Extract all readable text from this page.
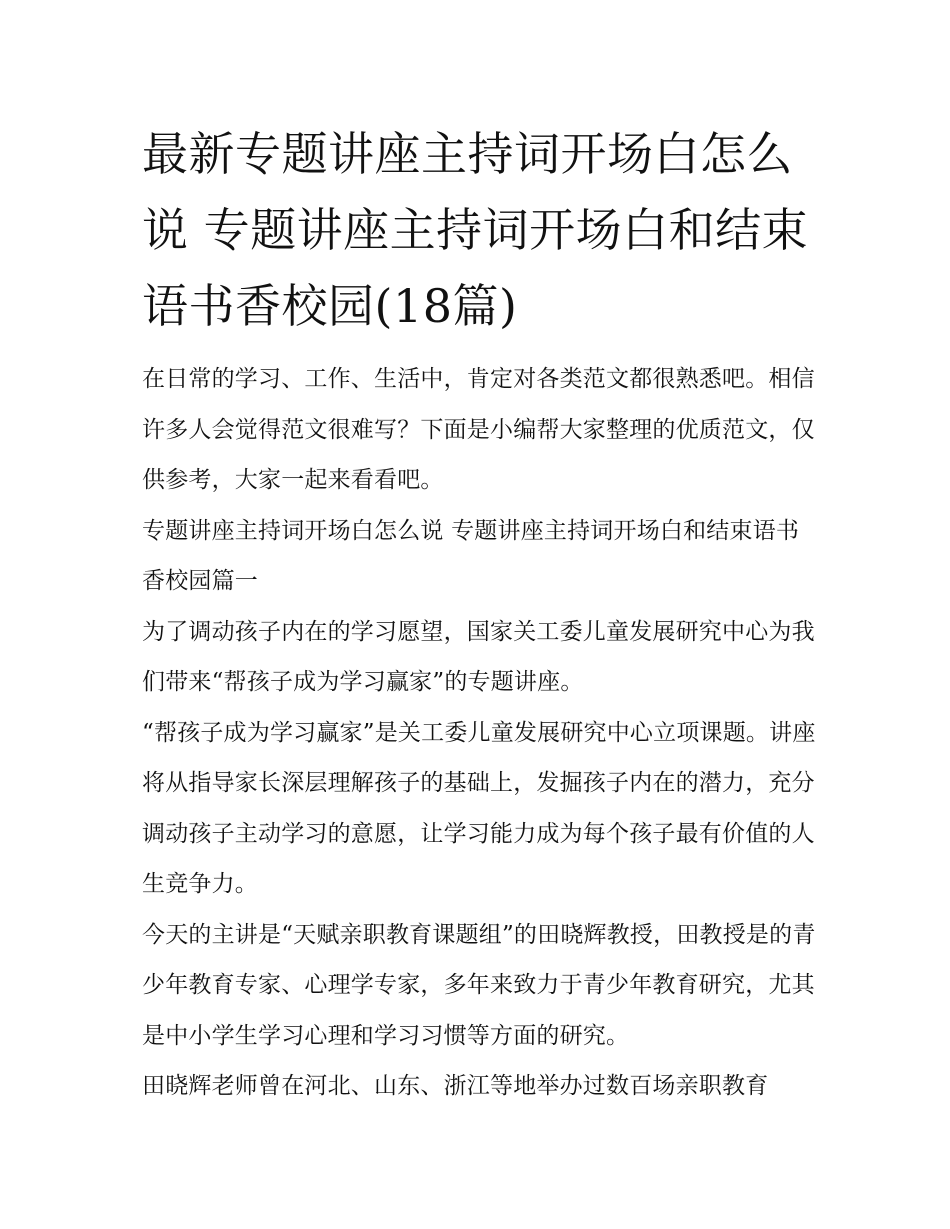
最新专题讲座主持词开场白怎么说 专题讲座主持词开场白和结束语书香校园(18篇)

在日常的学习、工作、生活中，肯定对各类范文都很熟悉吧。相信许多人会觉得范文很难写？下面是小编帮大家整理的优质范文，仅供参考，大家一起来看看吧。

专题讲座主持词开场白怎么说 专题讲座主持词开场白和结束语书香校园篇一

为了调动孩子内在的学习愿望，国家关工委儿童发展研究中心为我们带来“帮孩子成为学习赢家”的专题讲座。

“帮孩子成为学习赢家”是关工委儿童发展研究中心立项课题。讲座将从指导家长深层理解孩子的基础上，发掘孩子内在的潜力，充分调动孩子主动学习的意愿，让学习能力成为每个孩子最有价值的人生竞争力。

今天的主讲是“天赋亲职教育课题组”的田晓辉教授，田教授是的青少年教育专家、心理学专家，多年来致力于青少年教育研究，尤其是中小学生学习心理和学习习惯等方面的研究。

田晓辉老师曾在河北、山东、浙江等地举办过数百场亲职教育
